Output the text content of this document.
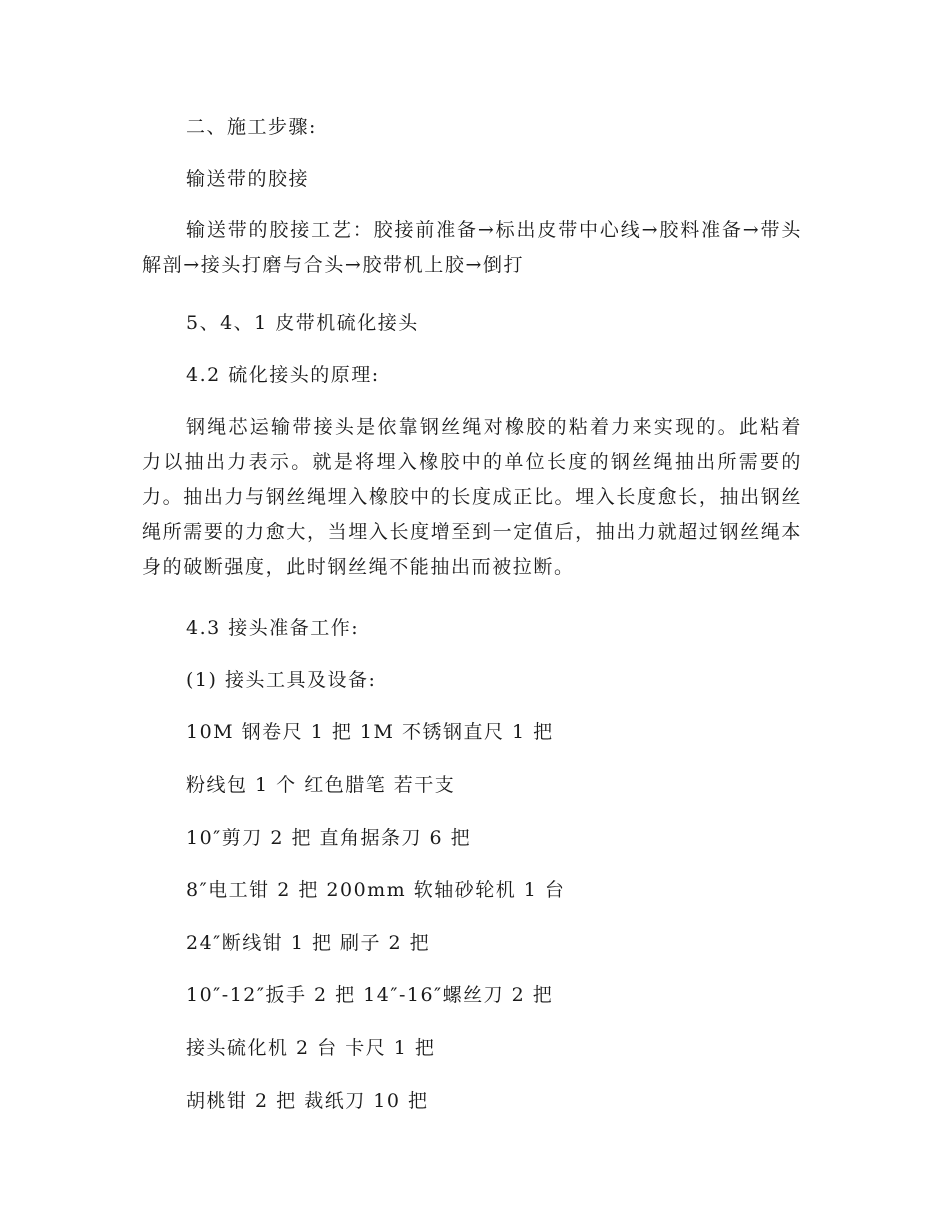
二、施工步骤:
输送带的胶接
输送带的胶接工艺：胶接前准备→标出皮带中心线→胶料准备→带头解剖→接头打磨与合头→胶带机上胶→倒打
5、4、1 皮带机硫化接头
4.2 硫化接头的原理:
钢绳芯运输带接头是依靠钢丝绳对橡胶的粘着力来实现的。此粘着力以抽出力表示。就是将埋入橡胶中的单位长度的钢丝绳抽出所需要的力。抽出力与钢丝绳埋入橡胶中的长度成正比。埋入长度愈长，抽出钢丝绳所需要的力愈大，当埋入长度增至到一定值后，抽出力就超过钢丝绳本身的破断强度，此时钢丝绳不能抽出而被拉断。
4.3 接头准备工作:
(1) 接头工具及设备:
10M 钢卷尺 1 把 1M 不锈钢直尺 1 把
粉线包 1 个 红色腊笔 若干支
10″剪刀 2 把 直角据条刀 6 把
8″电工钳 2 把 200mm 软轴砂轮机 1 台
24″断线钳 1 把 刷子 2 把
10″-12″扳手 2 把 14″-16″螺丝刀 2 把
接头硫化机 2 台 卡尺 1 把
胡桃钳 2 把 裁纸刀 10 把
